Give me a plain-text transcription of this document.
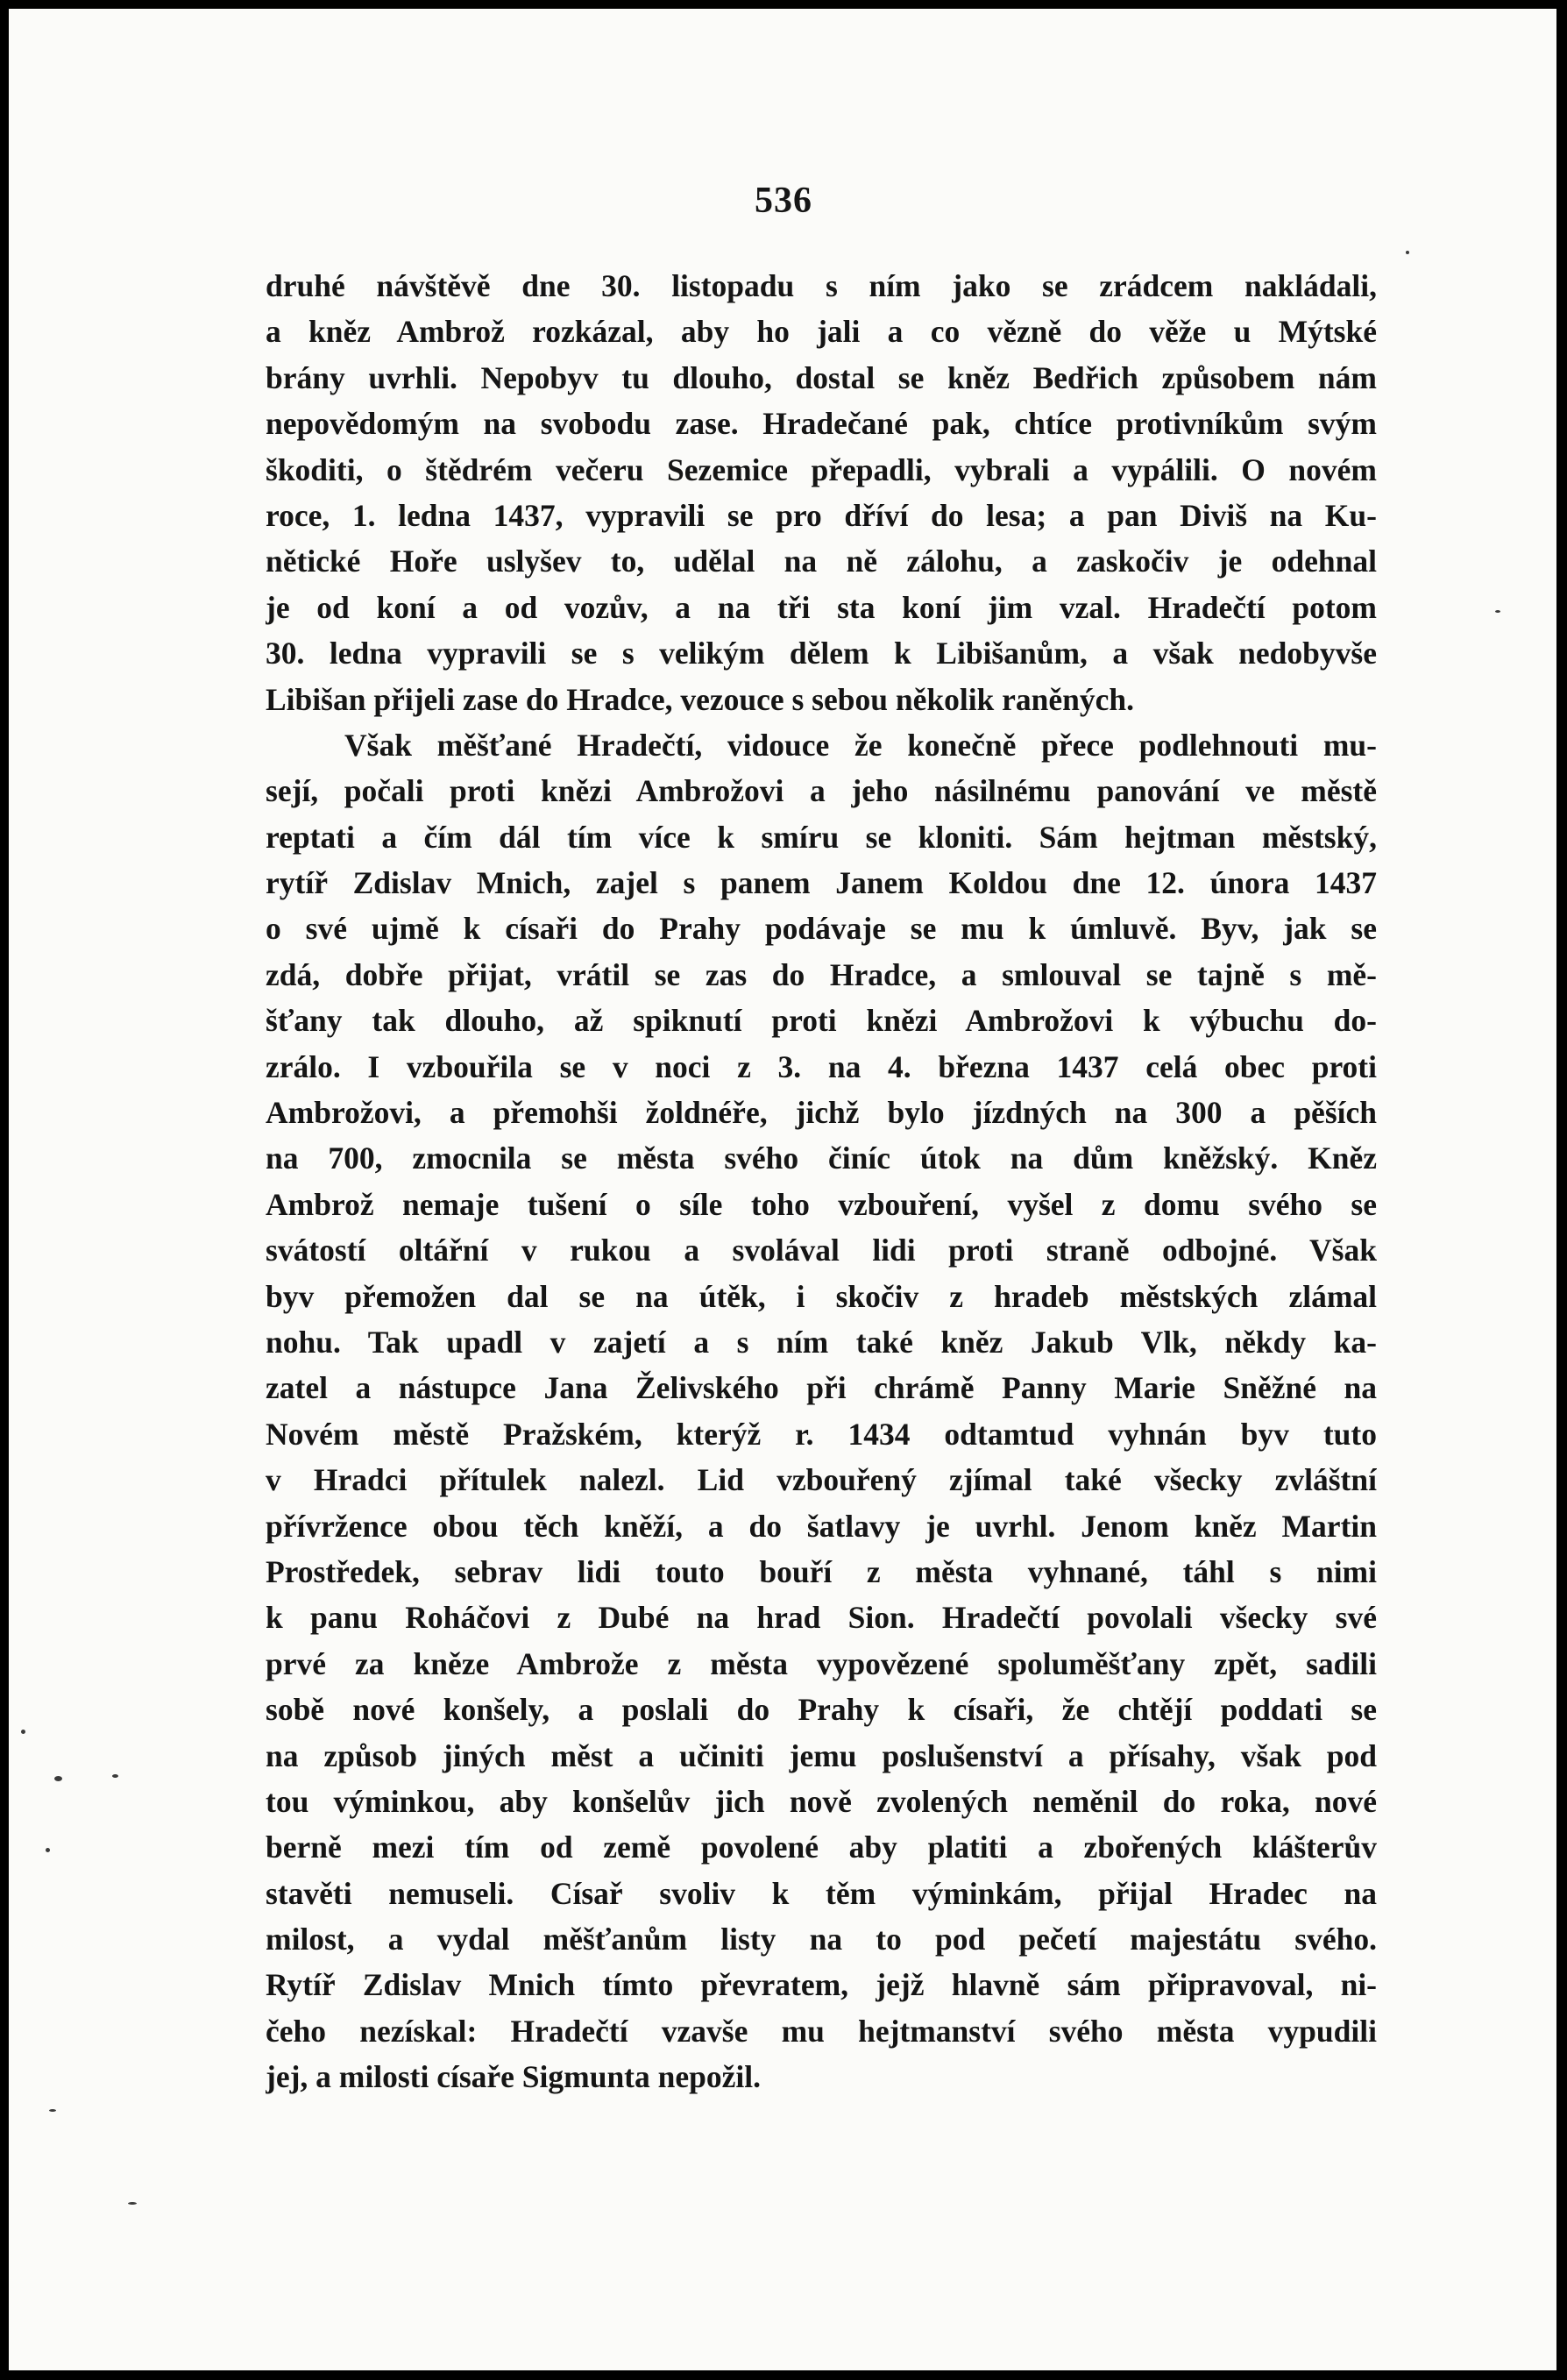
536
druhé návštěvě dne 30. listopadu s ním jako se zrádcem nakládali,
a kněz Ambrož rozkázal, aby ho jali a co vězně do věže u Mýtské
brány uvrhli. Nepobyv tu dlouho, dostal se kněz Bedřich způsobem nám
nepovědomým na svobodu zase. Hradečané pak, chtíce protivníkům svým
škoditi, o štědrém večeru Sezemice přepadli, vybrali a vypálili. O novém
roce, 1. ledna 1437, vypravili se pro dříví do lesa; a pan Diviš na Ku-
nětické Hoře uslyšev to, udělal na ně zálohu, a zaskočiv je odehnal
je od koní a od vozův, a na tři sta koní jim vzal. Hradečtí potom
30. ledna vypravili se s velikým dělem k Libišanům, a však nedobyvše
Libišan přijeli zase do Hradce, vezouce s sebou několik raněných.
Však měšťané Hradečtí, vidouce že konečně přece podlehnouti mu-
sejí, počali proti knězi Ambrožovi a jeho násilnému panování ve městě
reptati a čím dál tím více k smíru se kloniti. Sám hejtman městský,
rytíř Zdislav Mnich, zajel s panem Janem Koldou dne 12. února 1437
o své ujmě k císaři do Prahy podávaje se mu k úmluvě. Byv, jak se
zdá, dobře přijat, vrátil se zas do Hradce, a smlouval se tajně s mě-
šťany tak dlouho, až spiknutí proti knězi Ambrožovi k výbuchu do-
zrálo. I vzbouřila se v noci z 3. na 4. března 1437 celá obec proti
Ambrožovi, a přemohši žoldnéře, jichž bylo jízdných na 300 a pěších
na 700, zmocnila se města svého činíc útok na dům kněžský. Kněz
Ambrož nemaje tušení o síle toho vzbouření, vyšel z domu svého se
svátostí oltářní v rukou a svolával lidi proti straně odbojné. Však
byv přemožen dal se na útěk, i skočiv z hradeb městských zlámal
nohu. Tak upadl v zajetí a s ním také kněz Jakub Vlk, někdy ka-
zatel a nástupce Jana Želivského při chrámě Panny Marie Sněžné na
Novém městě Pražském, kterýž r. 1434 odtamtud vyhnán byv tuto
v Hradci přítulek nalezl. Lid vzbouřený zjímal také všecky zvláštní
přívržence obou těch kněží, a do šatlavy je uvrhl. Jenom kněz Martin
Prostředek, sebrav lidi touto bouří z města vyhnané, táhl s nimi
k panu Roháčovi z Dubé na hrad Sion. Hradečtí povolali všecky své
prvé za kněze Ambrože z města vypovězené spoluměšťany zpět, sadili
sobě nové konšely, a poslali do Prahy k císaři, že chtějí poddati se
na způsob jiných měst a učiniti jemu poslušenství a přísahy, však pod
tou výminkou, aby konšelův jich nově zvolených neměnil do roka, nové
berně mezi tím od země povolené aby platiti a zbořených klášterův
stavěti nemuseli. Císař svoliv k těm výminkám, přijal Hradec na
milost, a vydal měšťanům listy na to pod pečetí majestátu svého.
Rytíř Zdislav Mnich tímto převratem, jejž hlavně sám připravoval, ni-
čeho nezískal: Hradečtí vzavše mu hejtmanství svého města vypudili
jej, a milosti císaře Sigmunta nepožil.
